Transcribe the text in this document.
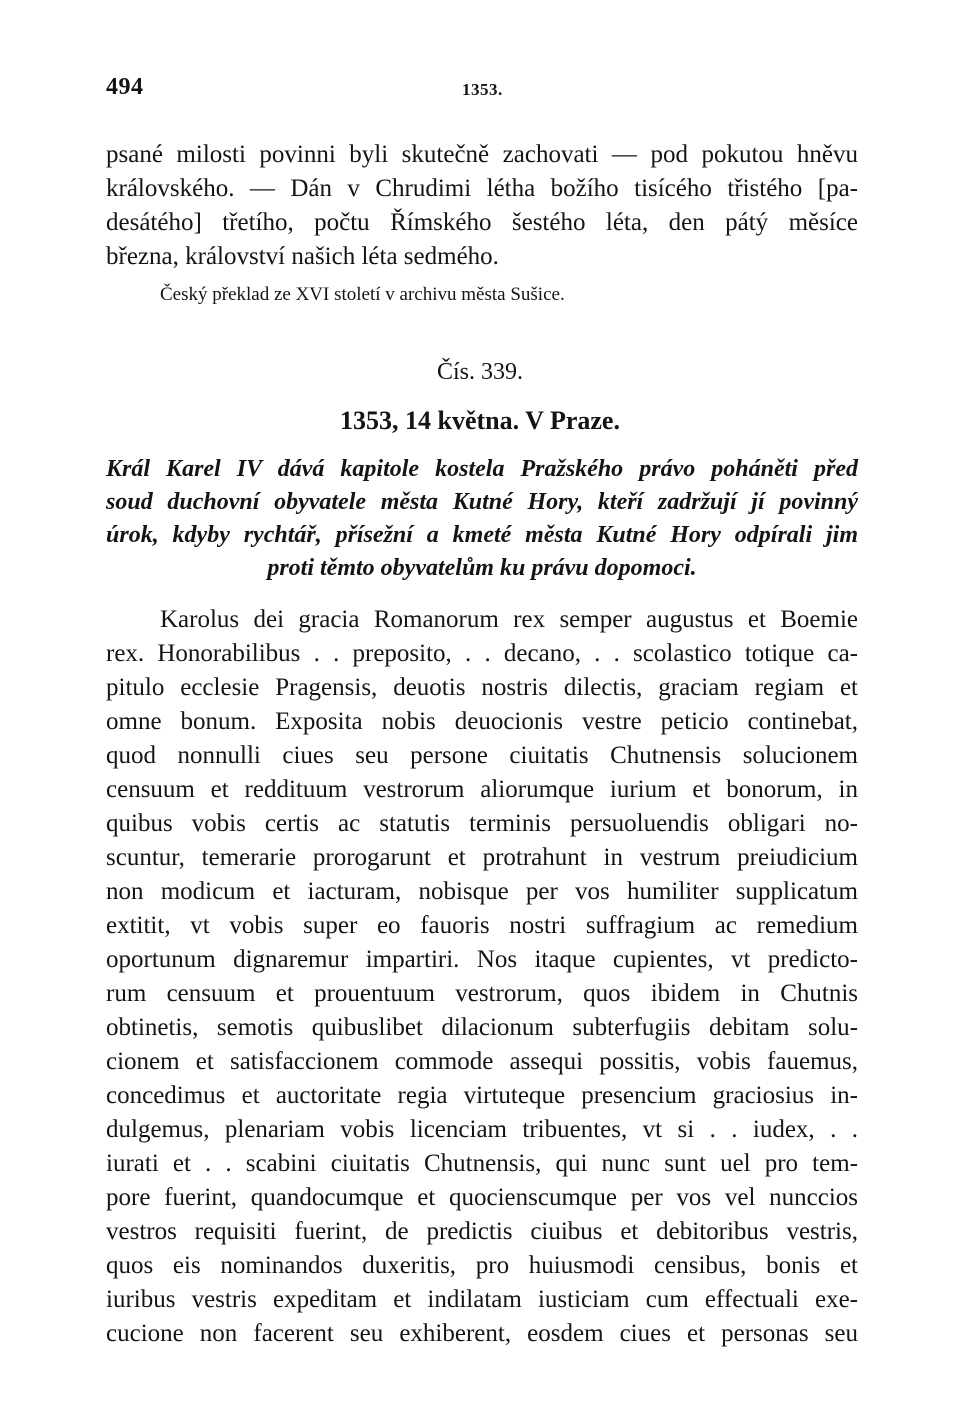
494	1353.
psané milosti povinni byli skutečně zachovati — pod pokutou hněvu
královského. — Dán v Chrudimi létha božího tisícého třistého [pa-
desátého] třetího, počtu Římského šestého léta, den pátý měsíce
března, království našich léta sedmého.
Český překlad ze XVI století v archivu města Sušice.
Čís. 339.
1353, 14 května. V Praze.
Král Karel IV dává kapitole kostela Pražského právo poháněti před
soud duchovní obyvatele města Kutné Hory, kteří zadržují jí povinný
úrok, kdyby rychtář, přísežní a kmeté města Kutné Hory odpírali jim
proti těmto obyvatelům ku právu dopomoci.
Karolus dei gracia Romanorum rex semper augustus et Boemie
rex. Honorabilibus . . preposito, . . decano, . . scolastico totique ca-
pitulo ecclesie Pragensis, deuotis nostris dilectis, graciam regiam et
omne bonum. Exposita nobis deuocionis vestre peticio continebat,
quod nonnulli ciues seu persone ciuitatis Chutnensis solucionem
censuum et reddituum vestrorum aliorumque iurium et bonorum, in
quibus vobis certis ac statutis terminis persuoluendis obligari no-
scuntur, temerarie prorogarunt et protrahunt in vestrum preiudicium
non modicum et iacturam, nobisque per vos humiliter supplicatum
extitit, vt vobis super eo fauoris nostri suffragium ac remedium
oportunum dignaremur impartiri. Nos itaque cupientes, vt predicto-
rum censuum et prouentuum vestrorum, quos ibidem in Chutnis
obtinetis, semotis quibuslibet dilacionum subterfugiis debitam solu-
cionem et satisfaccionem commode assequi possitis, vobis fauemus,
concedimus et auctoritate regia virtuteque presencium graciosius in-
dulgemus, plenariam vobis licenciam tribuentes, vt si . . iudex, . .
iurati et . . scabini ciuitatis Chutnensis, qui nunc sunt uel pro tem-
pore fuerint, quandocumque et quocienscumque per vos vel nunccios
vestros requisiti fuerint, de predictis ciuibus et debitoribus vestris,
quos eis nominandos duxeritis, pro huiusmodi censibus, bonis et
iuribus vestris expeditam et indilatam iusticiam cum effectuali exe-
cucione non facerent seu exhiberent, eosdem ciues et personas seu
